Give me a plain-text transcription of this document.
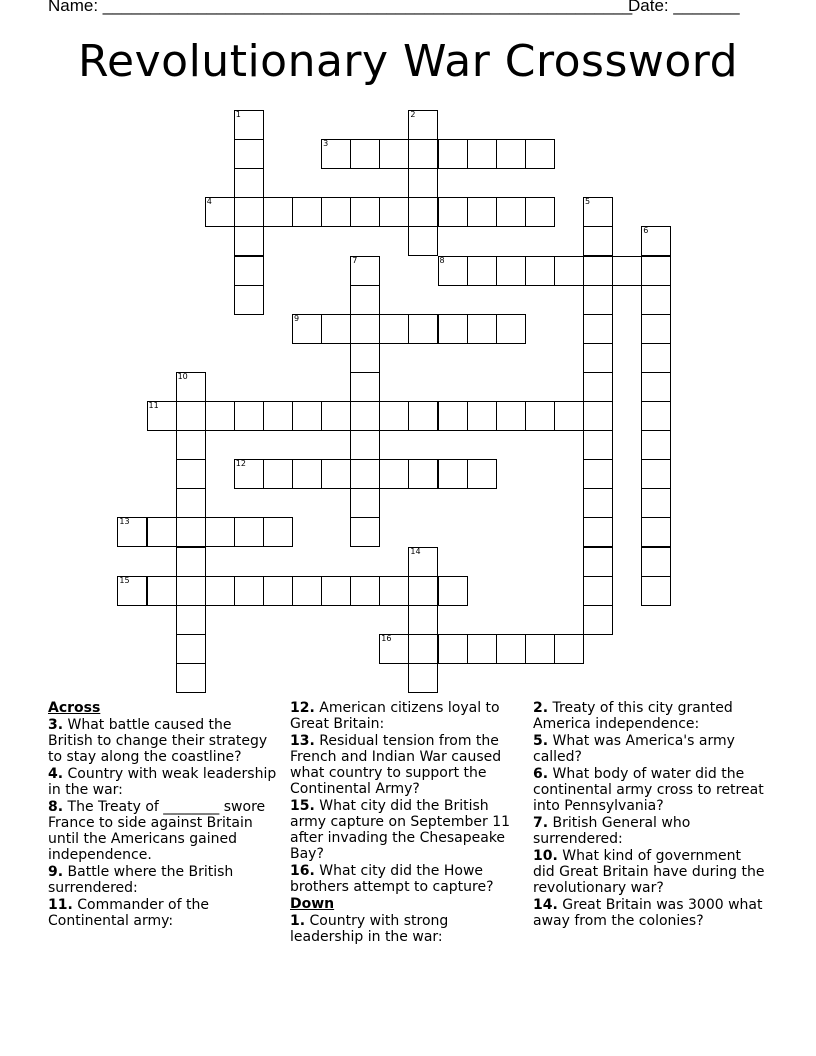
Name: ________________________________________________________
Date: _______
Revolutionary War Crossword
1	2
3
4	5
6
7	8
9
10
11
12
13
14
15
16
Across
3. What battle caused the British to change their strategy to stay along the coastline?
4. Country with weak leadership in the war:
8. The Treaty of ________ swore France to side against Britain until the Americans gained independence.
9. Battle where the British surrendered:
11. Commander of the Continental army:
12. American citizens loyal to Great Britain:
13. Residual tension from the French and Indian War caused what country to support the Continental Army?
15. What city did the British army capture on September 11 after invading the Chesapeake Bay?
16. What city did the Howe brothers attempt to capture?
Down
1. Country with strong leadership in the war:
2. Treaty of this city granted America independence:
5. What was America's army called?
6. What body of water did the continental army cross to retreat into Pennsylvania?
7. British General who surrendered:
10. What kind of government did Great Britain have during the revolutionary war?
14. Great Britain was 3000 what away from the colonies?
